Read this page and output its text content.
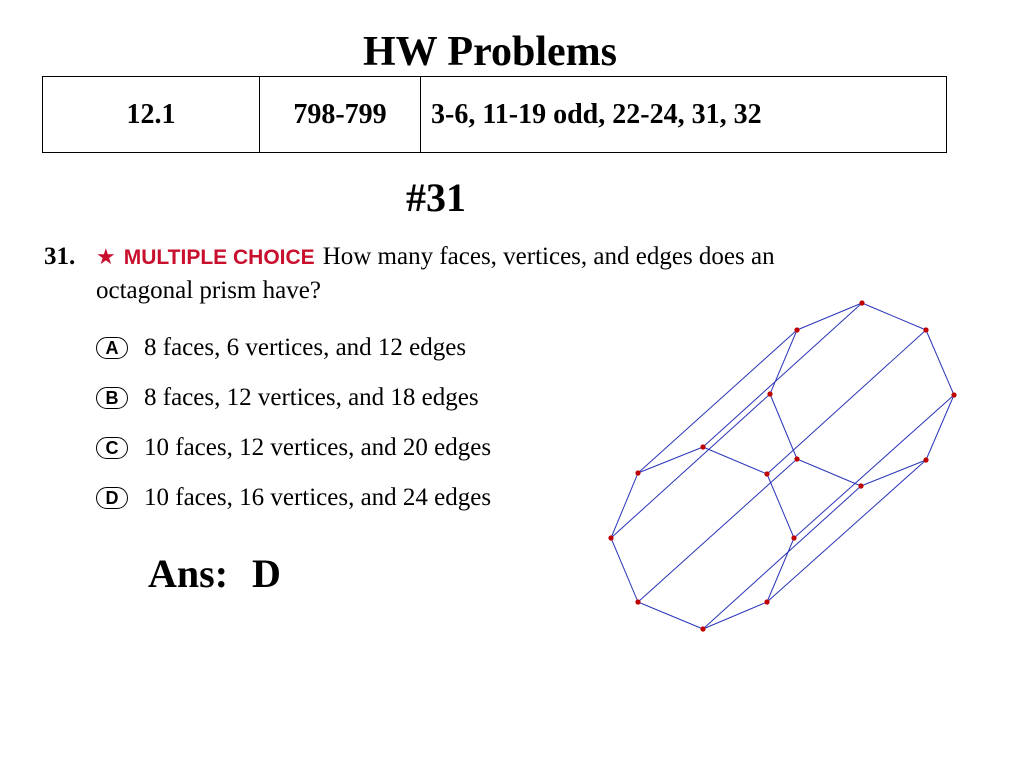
HW Problems
12.1	798-799	3-6, 11-19 odd, 22-24, 31, 32
#31
31. ★ MULTIPLE CHOICE How many faces, vertices, and edges does an
octagonal prism have?
A	8 faces, 6 vertices, and 12 edges
B	8 faces, 12 vertices, and 18 edges
C	10 faces, 12 vertices, and 20 edges
D	10 faces, 16 vertices, and 24 edges
Ans: D
